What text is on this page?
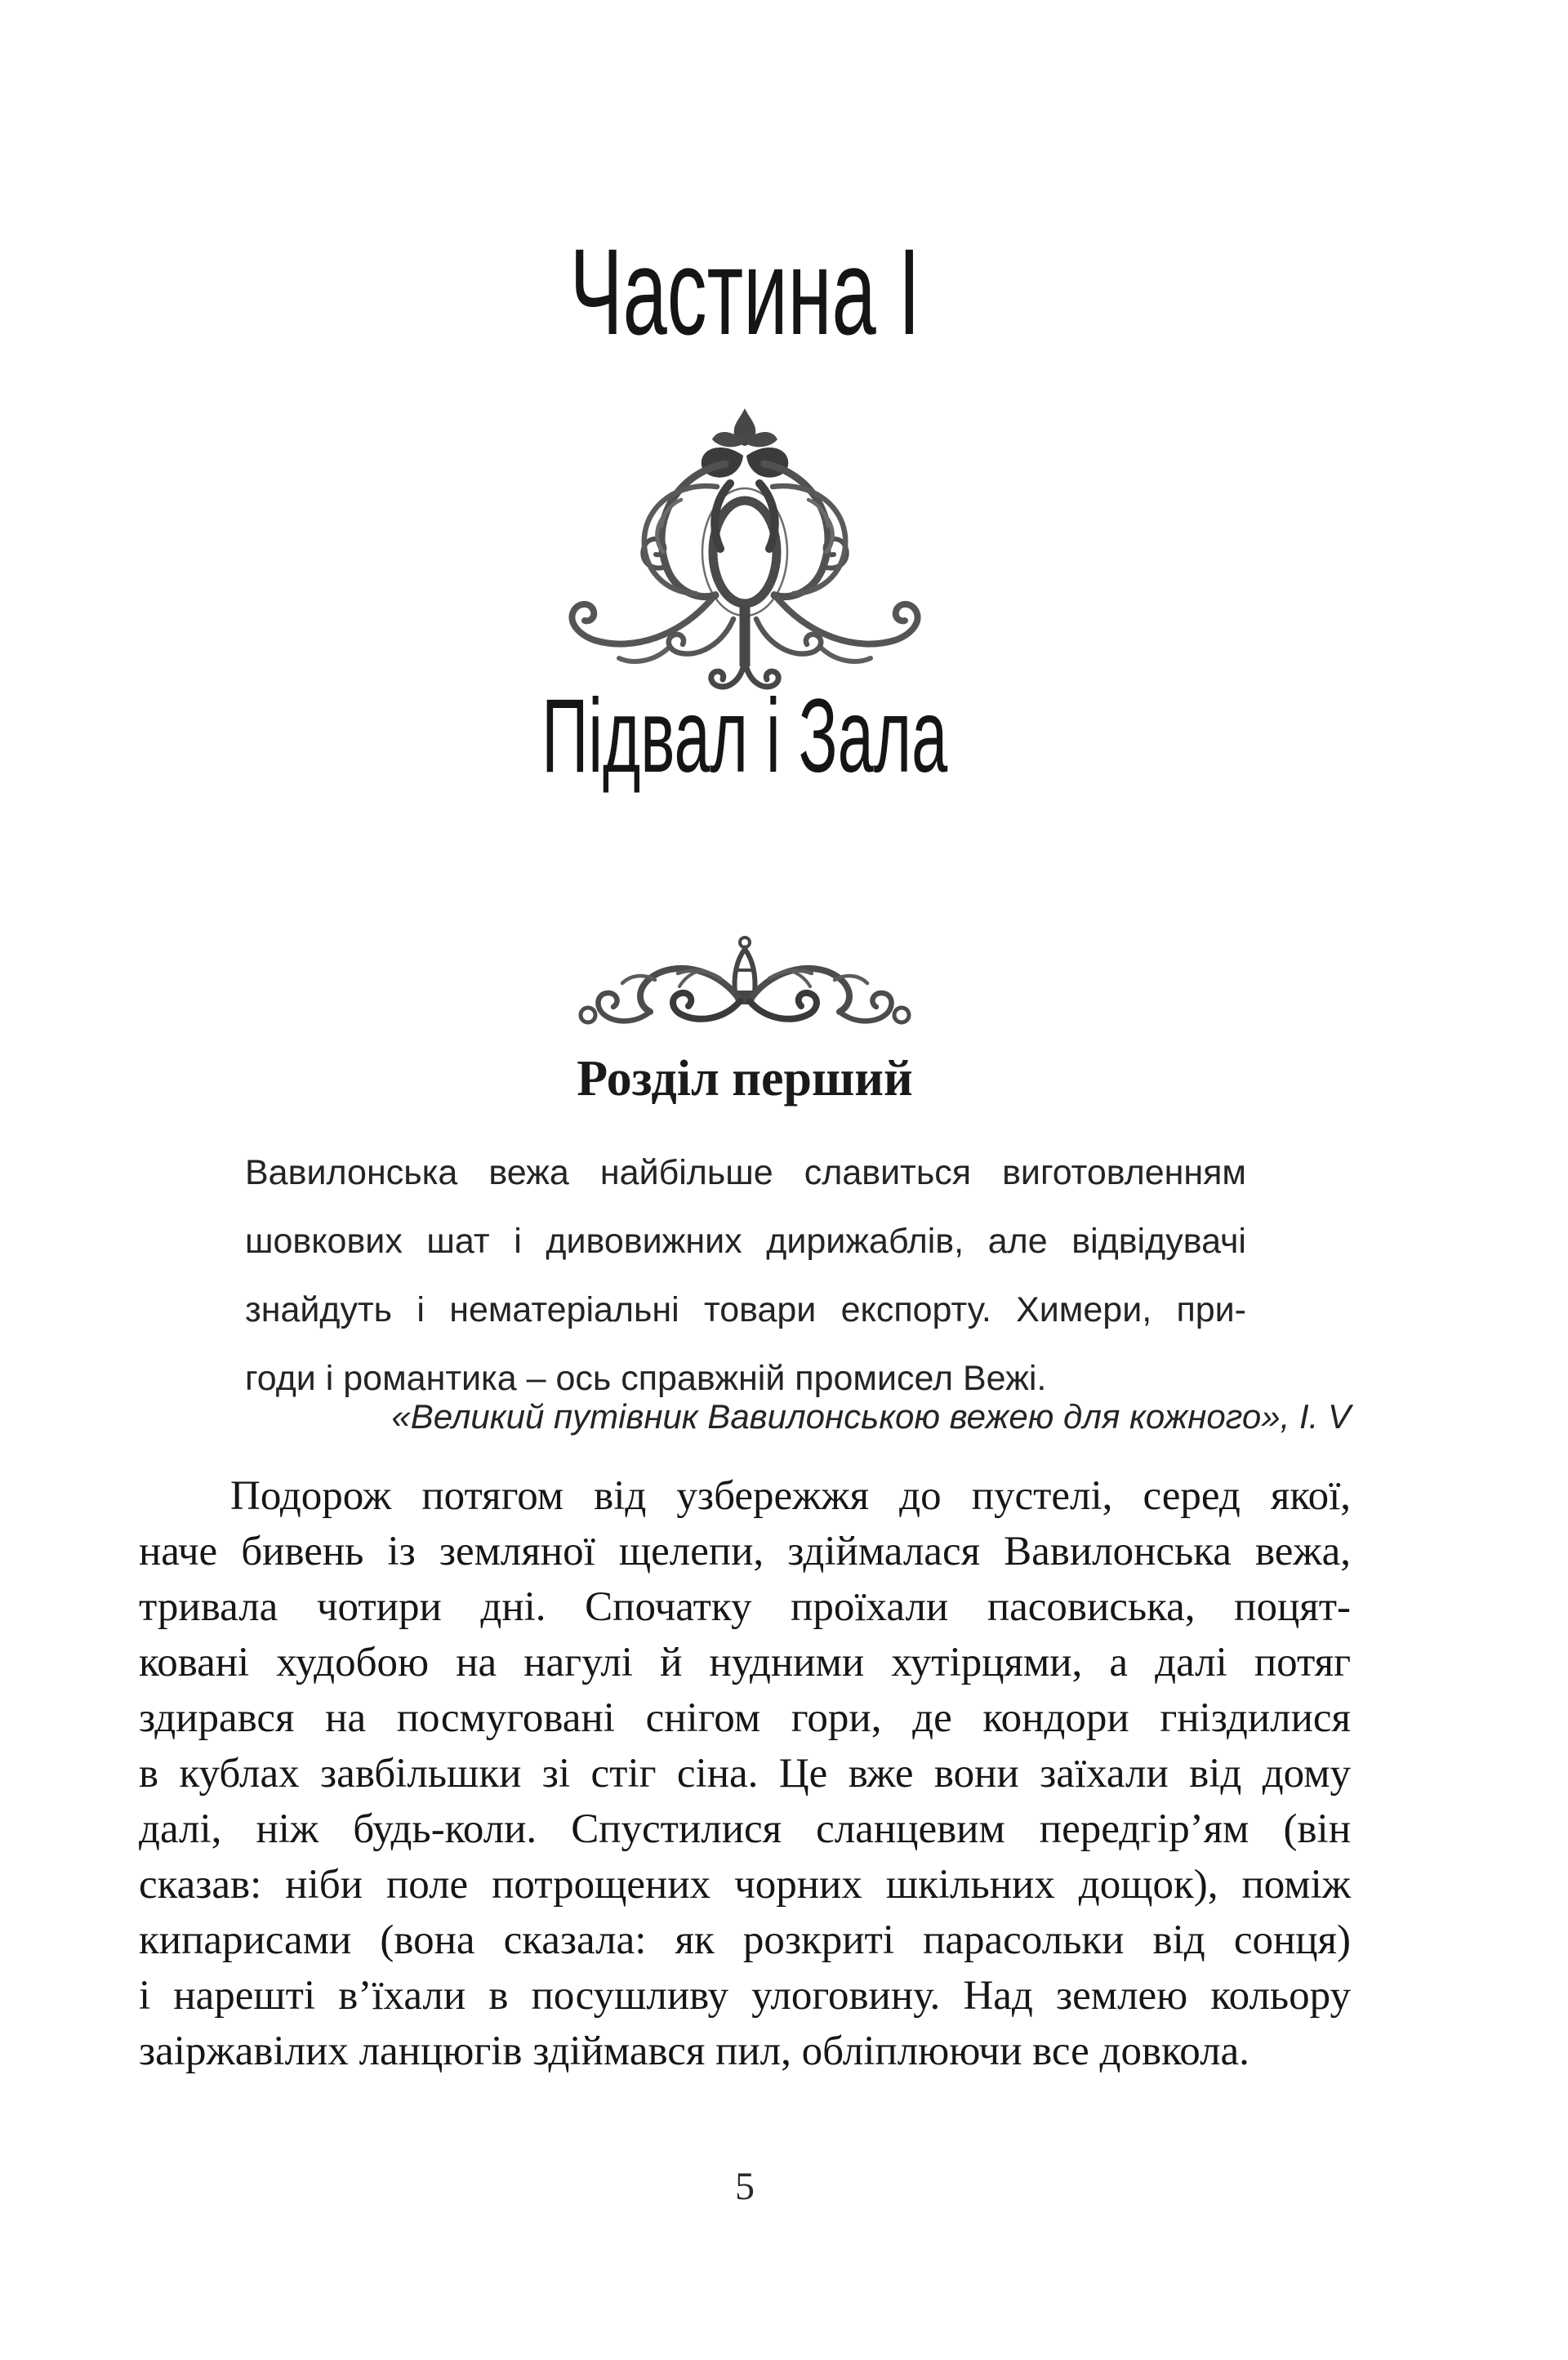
Частина I
Підвал і Зала
Розділ перший
Вавилонська вежа найбільше славиться виготовленням
шовкових шат і дивовижних дирижаблів, але відвідувачі
знайдуть і нематеріальні товари експорту. Химери, при-
годи і романтика – ось справжній промисел Вежі.
«Великий путівник Вавилонською вежею для кожного», I. V
Подорож потягом від узбережжя до пустелі, серед якої,
наче бивень із земляної щелепи, здіймалася Вавилонська вежа,
тривала чотири дні. Спочатку проїхали пасовиська, поцят-
ковані худобою на нагулі й нудними хутірцями, а далі потяг
здирався на посмуговані снігом гори, де кондори гніздилися
в кублах завбільшки зі стіг сіна. Це вже вони заїхали від дому
далі, ніж будь-коли. Спустилися сланцевим передгір’ям (він
сказав: ніби поле потрощених чорних шкільних дощок), поміж
кипарисами (вона сказала: як розкриті парасольки від сонця)
і нарешті в’їхали в посушливу улоговину. Над землею кольору
заіржавілих ланцюгів здіймався пил, обліплюючи все довкола.
5
